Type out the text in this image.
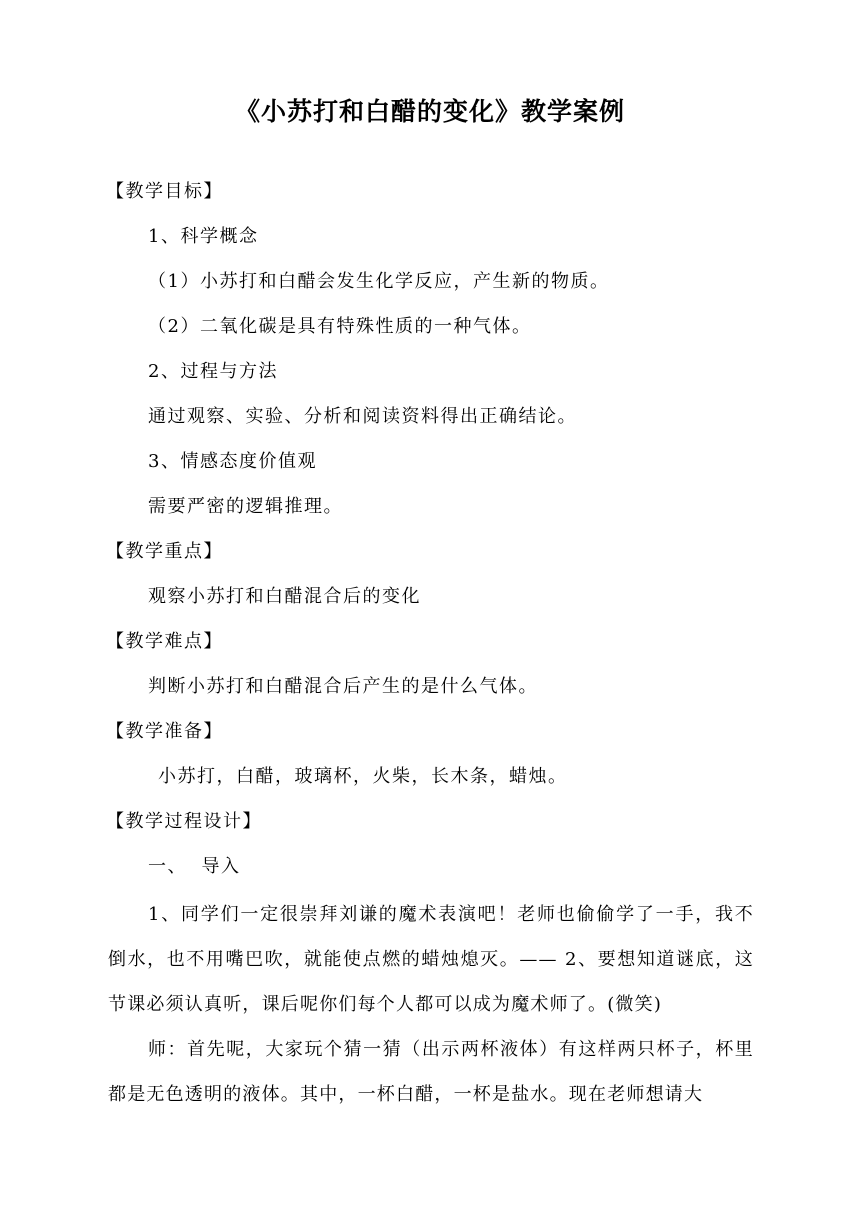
《小苏打和白醋的变化》教学案例
【教学目标】
1、科学概念
（1）小苏打和白醋会发生化学反应，产生新的物质。
（2）二氧化碳是具有特殊性质的一种气体。
2、过程与方法
通过观察、实验、分析和阅读资料得出正确结论。
3、情感态度价值观
需要严密的逻辑推理。
【教学重点】
观察小苏打和白醋混合后的变化
【教学难点】
判断小苏打和白醋混合后产生的是什么气体。
【教学准备】
小苏打，白醋，玻璃杯，火柴，长木条，蜡烛。
【教学过程设计】
一、  导入
1、同学们一定很崇拜刘谦的魔术表演吧！老师也偷偷学了一手，我不倒水，也不用嘴巴吹，就能使点燃的蜡烛熄灭。—— 2、要想知道谜底，这节课必须认真听，课后呢你们每个人都可以成为魔术师了。(微笑)
师：首先呢，大家玩个猜一猜（出示两杯液体）有这样两只杯子，杯里都是无色透明的液体。其中，一杯白醋，一杯是盐水。现在老师想请大
